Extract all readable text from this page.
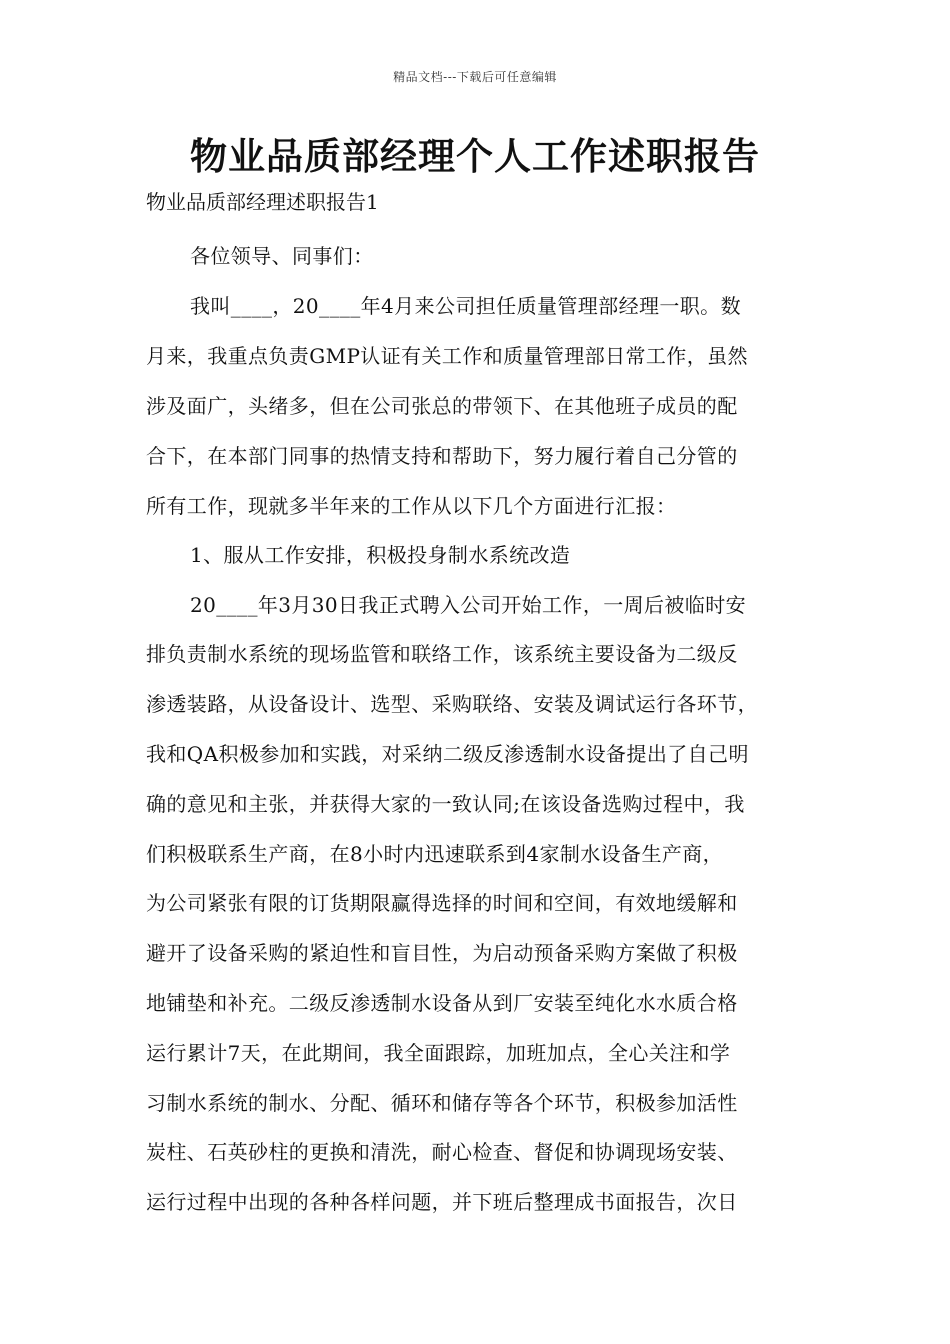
精品文档---下载后可任意编辑
物业品质部经理个人工作述职报告

物业品质部经理述职报告1

各位领导、同事们：

我叫____，20____年4月来公司担任质量管理部经理一职。数

月来，我重点负责GMP认证有关工作和质量管理部日常工作，虽然

涉及面广，头绪多，但在公司张总的带领下、在其他班子成员的配

合下，在本部门同事的热情支持和帮助下，努力履行着自己分管的

所有工作，现就多半年来的工作从以下几个方面进行汇报：

1、服从工作安排，积极投身制水系统改造

20____年3月30日我正式聘入公司开始工作，一周后被临时安

排负责制水系统的现场监管和联络工作，该系统主要设备为二级反

渗透装路，从设备设计、选型、采购联络、安装及调试运行各环节，

我和QA积极参加和实践，对采纳二级反渗透制水设备提出了自己明

确的意见和主张，并获得大家的一致认同;在该设备选购过程中，我

们积极联系生产商，在8小时内迅速联系到4家制水设备生产商，

为公司紧张有限的订货期限赢得选择的时间和空间，有效地缓解和

避开了设备采购的紧迫性和盲目性，为启动预备采购方案做了积极

地铺垫和补充。二级反渗透制水设备从到厂安装至纯化水水质合格

运行累计7天，在此期间，我全面跟踪，加班加点，全心关注和学

习制水系统的制水、分配、循环和储存等各个环节，积极参加活性

炭柱、石英砂柱的更换和清洗，耐心检查、督促和协调现场安装、

运行过程中出现的各种各样问题，并下班后整理成书面报告，次日
